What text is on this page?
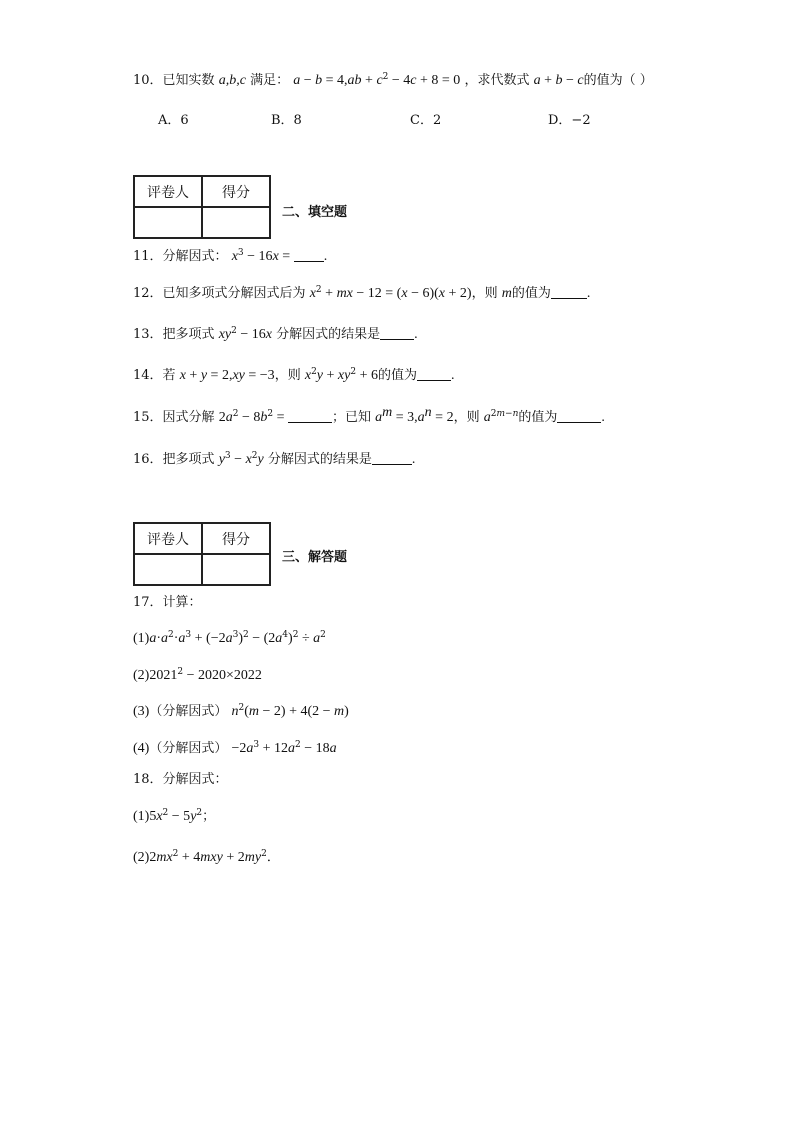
10．已知实数 a,b,c 满足： $a - b = 4,ab + c^2 - 4c + 8 = 0$ ，求代数式 a + b − c的值为（ ）
A．6	B．8	C．2	D．−2
评卷人	得分

二、填空题
11．分解因式： $x^3 - 16x$ = .
12．已知多项式分解因式后为 $x^2$ + mx − 12 = (x − 6)(x + 2)，则 m的值为	.
13．把多项式 $xy^2 - 16x$ 分解因式的结果是 .
14．若 x + y = 2,xy = −3，则 $x^2y + xy^2 + 6$的值为 .
15．因式分解 $2a^2 - 8b^2$ =	；已知 $a^m = 3,a^n = 2$，则 $a^{2m-n}$的值为	.
16．把多项式 $y^3 - x^2y$ 分解因式的结果是	.
评卷人	得分

三、解答题
17．计算：
$(1)a\cdot a^2\cdot a^3 + (-2a^3)^2 - (2a^4)^2 \div a^2$
$(2)2021^2 - 2020\times 2022$
(3)（分解因式） $n^2(m - 2) + 4(2 - m)$
(4)（分解因式） $-2a^3 + 12a^2 - 18a$
18．分解因式：
$(1)5x^2 - 5y^2$；
$(2)2mx^2 + 4mxy + 2my^2$．
